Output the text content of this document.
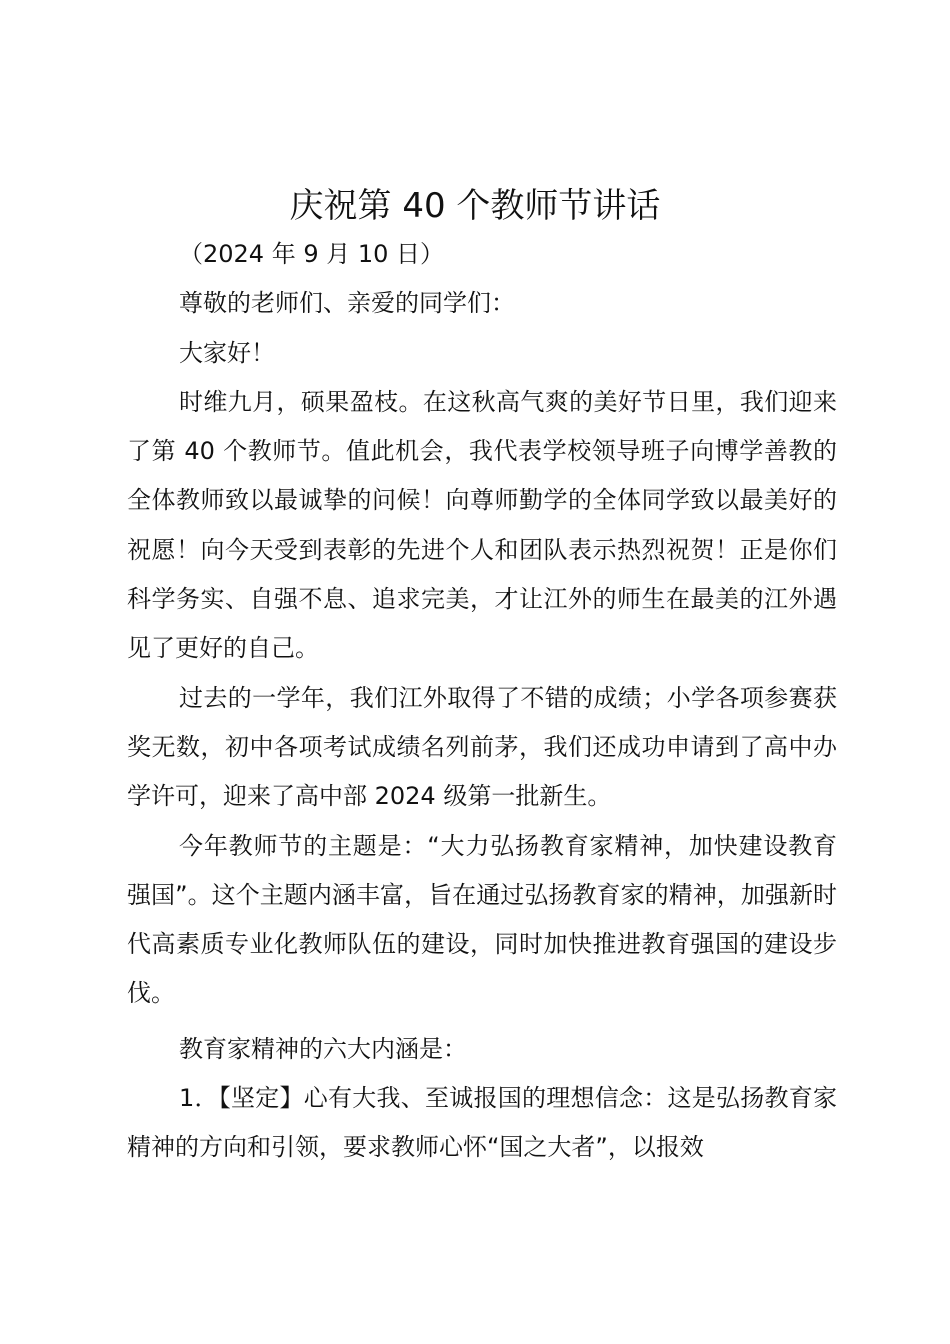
庆祝第 40 个教师节讲话

（2024 年 9 月 10 日）

尊敬的老师们、亲爱的同学们：

大家好！

时维九月，硕果盈枝。在这秋高气爽的美好节日里，我们迎来了第 40 个教师节。值此机会，我代表学校领导班子向博学善教的全体教师致以最诚挚的问候！向尊师勤学的全体同学致以最美好的祝愿！向今天受到表彰的先进个人和团队表示热烈祝贺！正是你们科学务实、自强不息、追求完美，才让江外的师生在最美的江外遇见了更好的自己。

过去的一学年，我们江外取得了不错的成绩；小学各项参赛获奖无数，初中各项考试成绩名列前茅，我们还成功申请到了高中办学许可，迎来了高中部 2024 级第一批新生。

今年教师节的主题是：“大力弘扬教育家精神，加快建设教育强国”。这个主题内涵丰富，旨在通过弘扬教育家的精神，加强新时代高素质专业化教师队伍的建设，同时加快推进教育强国的建设步伐。

教育家精神的六大内涵是：

1．【坚定】心有大我、至诚报国的理想信念：这是弘扬教育家精神的方向和引领，要求教师心怀“国之大者”，以报效
